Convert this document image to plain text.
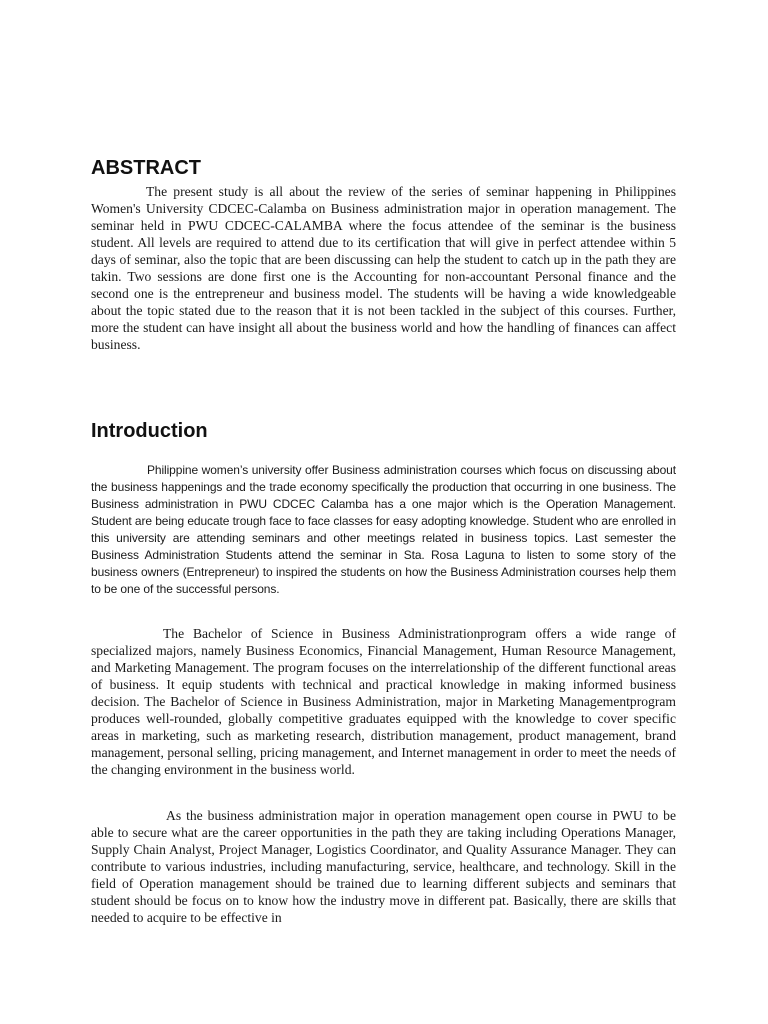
ABSTRACT

The present study is all about the review of the series of seminar happening in Philippines Women's University CDCEC-Calamba on Business administration major in operation management. The seminar held in PWU CDCEC-CALAMBA where the focus attendee of the seminar is the business student. All levels are required to attend due to its certification that will give in perfect attendee within 5 days of seminar, also the topic that are been discussing can help the student to catch up in the path they are takin. Two sessions are done first one is the Accounting for non-accountant Personal finance and the second one is the entrepreneur and business model. The students will be having a wide knowledgeable about the topic stated due to the reason that it is not been tackled in the subject of this courses. Further, more the student can have insight all about the business world and how the handling of finances can affect business.

Introduction

Philippine women’s university offer Business administration courses which focus on discussing about the business happenings and the trade economy specifically the production that occurring in one business. The Business administration in PWU CDCEC Calamba has a one major which is the Operation Management. Student are being educate trough face to face classes for easy adopting knowledge. Student who are enrolled in this university are attending seminars and other meetings related in business topics. Last semester the Business Administration Students attend the seminar in Sta. Rosa Laguna to listen to some story of the business owners (Entrepreneur) to inspired the students on how the Business Administration courses help them to be one of the successful persons.

The Bachelor of Science in Business Administrationprogram offers a wide range of specialized majors, namely Business Economics, Financial Management, Human Resource Management, and Marketing Management. The program focuses on the interrelationship of the different functional areas of business. It equip students with technical and practical knowledge in making informed business decision. The Bachelor of Science in Business Administration, major in Marketing Managementprogram produces well-rounded, globally competitive graduates equipped with the knowledge to cover specific areas in marketing, such as marketing research, distribution management, product management, brand management, personal selling, pricing management, and Internet management in order to meet the needs of the changing environment in the business world.

As the business administration major in operation management open course in PWU to be able to secure what are the career opportunities in the path they are taking including Operations Manager, Supply Chain Analyst, Project Manager, Logistics Coordinator, and Quality Assurance Manager. They can contribute to various industries, including manufacturing, service, healthcare, and technology. Skill in the field of Operation management should be trained due to learning different subjects and seminars that student should be focus on to know how the industry move in different pat. Basically, there are skills that needed to acquire to be effective in
